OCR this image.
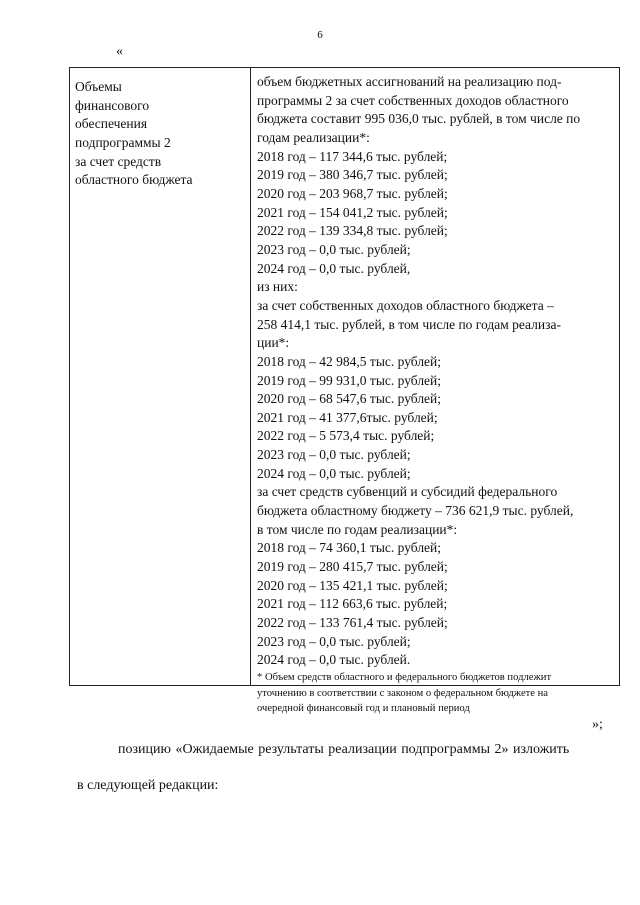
6
«
Объемы
финансового
обеспечения
подпрограммы 2
за счет средств
областного бюджета
объем бюджетных ассигнований на реализацию под-
программы 2 за счет собственных доходов областного
бюджета составит 995 036,0 тыс. рублей, в том числе по
годам реализации*:
2018 год – 117 344,6 тыс. рублей;
2019 год – 380 346,7 тыс. рублей;
2020 год – 203 968,7 тыс. рублей;
2021 год – 154 041,2 тыс. рублей;
2022 год – 139 334,8 тыс. рублей;
2023 год – 0,0 тыс. рублей;
2024 год – 0,0 тыс. рублей,
из них:
за счет собственных доходов областного бюджета –
258 414,1 тыс. рублей, в том числе по годам реализа-
ции*:
2018 год – 42 984,5 тыс. рублей;
2019 год – 99 931,0 тыс. рублей;
2020 год – 68 547,6 тыс. рублей;
2021 год – 41 377,6тыс. рублей;
2022 год – 5 573,4 тыс. рублей;
2023 год – 0,0 тыс. рублей;
2024 год – 0,0 тыс. рублей;
за счет средств субвенций и субсидий федерального
бюджета областному бюджету – 736 621,9 тыс. рублей,
в том числе по годам реализации*:
2018 год – 74 360,1 тыс. рублей;
2019 год – 280 415,7 тыс. рублей;
2020 год – 135 421,1 тыс. рублей;
2021 год – 112 663,6 тыс. рублей;
2022 год – 133 761,4 тыс. рублей;
2023 год – 0,0 тыс. рублей;
2024 год – 0,0 тыс. рублей.
* Объем средств областного и федерального бюджетов подлежит
уточнению в соответствии с законом о федеральном бюджете на
очередной финансовый год и плановый период
»;
позицию «Ожидаемые результаты реализации подпрограммы 2» изложить
в следующей редакции:
